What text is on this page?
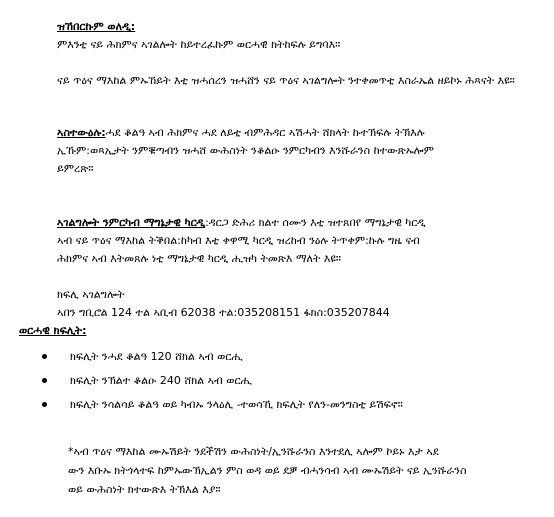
ዝኸበርኩም ወለዲ:
ምእንቲ ናይ ሕክምና ኣገልሎት ከይተረፈኩም ወርሓዊ ክትከፍሉ ይግባእ።
ናይ ጥዕና ማእከል ምኡኸይት እቲ ዝሓሰረን ዝሓሸን ናይ ጥዕና ኣገልግሎት ንተቀመጥቲ እስራኤል ዘይኮኑ ሕጻናት እዩ።
ኣስተውዕሉ:ሓደ ቆልዓ ኣብ ሕክምና ሓደ ለይቲ ብምሕዳር ኣሽሓት ሸክላት ኩተኽፍሉ ትኽእሉ
ኢኹም:ወጻኢታት ንምቑጣብን ዝሓሸ ውሕስነት ንቆልዑ ንምርካብን እንሹራንስ ከተውጽኡሎም
ይምረጽ።
ኣገልግሎት ንምርካብ ማግኔታዊ ካርዲ:ዳርጋ ድሕሪ ክልተ ሰሙን እቲ ዝተጸበየ ማግኔታዊ ካርዲ
ኣብ ናይ ጥዕና ማእከል ትቕበል:ከካብ እቲ ቀዋሚ ካርዲ ዝረከብ ንዕሉ ትጥቀም:ኩሉ ግዜ ናብ
ሕክምና ኣብ እትመጸሉ ነቲ ማግኔታዊ ካርዲ ሒዝካ ትመጽእ ማለት እዩ።
ክፍሊ ኣገልግሎት
ኣበን ግቢሮል 124 ተል ኣቢብ 62038 ተል:035208151 ፋክስ:035207844
ወርሓዊ ክፍሊት:
ክፍሊት ንሓደ ቆልዓ 120 ሸክል ኣብ ወርሒ
ክፍሊት ንኽልተ ቆልዑ 240 ሸክል ኣብ ወርሒ
ክፍሊት ንሳልሳይ ቆልዓ ወይ ካብኡ ንላዕሊ -ተወሳኺ ክፍሊት የለን-መንግስቲ ይሽፍኖ።
*ኣብ ጥዕና ማእከል ሙኡሽይት ንደችሽን ውሕስነት/ኢንሹራንስ እንተደሊ ኣሎም ኮይኑ እታ ኣደ
ውን እቡኡ ክትጎላተፍ ከምኡውኽኢልን ምስ ወዳ ወይ ደቓ ብሓንሳብ ኣብ ሙኡሽይት ናይ ኢንሹራንስ
ወይ ውሕስነት ክተውጽእ ትኽእል እያ።
